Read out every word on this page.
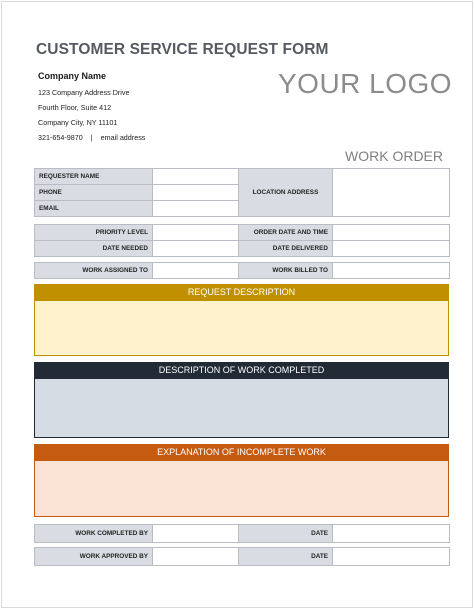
CUSTOMER SERVICE REQUEST FORM
Company Name
123 Company Address Drive
Fourth Floor, Suite 412
Company City, NY 11101
321-654-9870 | email address
YOUR LOGO
WORK ORDER
REQUESTER NAME		LOCATION ADDRESS	
PHONE			
EMAIL			
PRIORITY LEVEL		ORDER DATE AND TIME	
DATE NEEDED		DATE DELIVERED	
WORK ASSIGNED TO		WORK BILLED TO	
REQUEST DESCRIPTION
DESCRIPTION OF WORK COMPLETED
EXPLANATION OF INCOMPLETE WORK
WORK COMPLETED BY		DATE	
WORK APPROVED BY		DATE	
